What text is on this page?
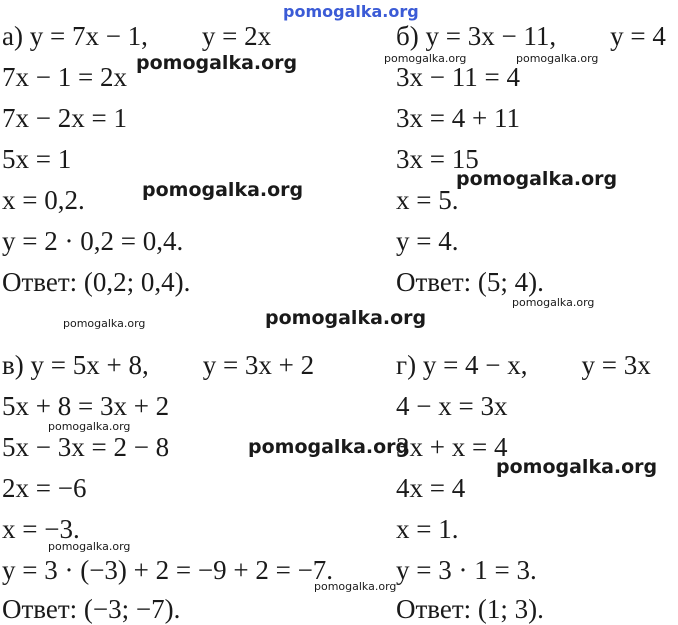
а) y = 7x − 1,        y = 2x

7x − 1 = 2x

7x − 2x = 1

5x = 1

x = 0,2.

y = 2 · 0,2 = 0,4.

Ответ: (0,2; 0,4).

б) y = 3x − 11,        y = 4

3x − 11 = 4

3x = 4 + 11

3x = 15

x = 5.

y = 4.

Ответ: (5; 4).

в) y = 5x + 8,        y = 3x + 2

5x + 8 = 3x + 2

5x − 3x = 2 − 8

2x = −6

x = −3.

y = 3 · (−3) + 2 = −9 + 2 = −7.

Ответ: (−3; −7).

г) y = 4 − x,        y = 3x

4 − x = 3x

3x + x = 4

4x = 4

x = 1.

y = 3 · 1 = 3.

Ответ: (1; 3).

pomogalka.org
pomogalka.org	pomogalka.org	pomogalka.org
pomogalka.org
pomogalka.org
pomogalka.org
pomogalka.org
pomogalka.org
pomogalka.org
pomogalka.org
pomogalka.org
pomogalka.org
pomogalka.org
